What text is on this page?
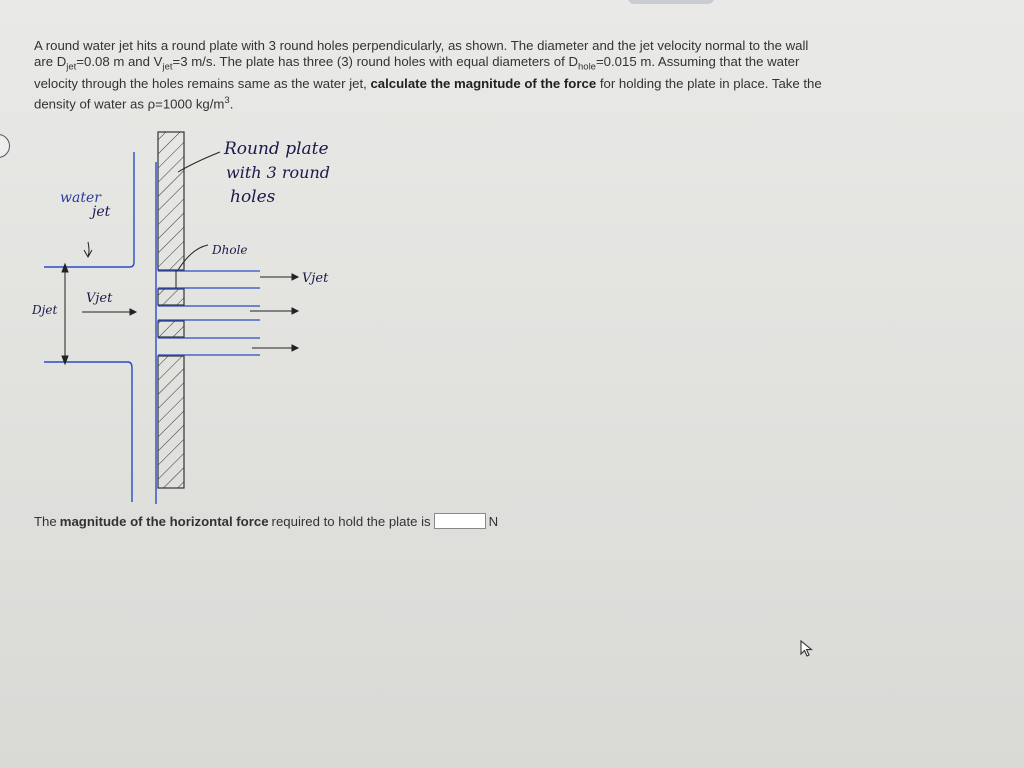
A round water jet hits a round plate with 3 round holes perpendicularly, as shown. The diameter and the jet velocity normal to the wall
are $D_{jet}=0.08$ m and $V_{jet}=3$ m/s. The plate has three (3) round holes with equal diameters of $D_{hole}=0.015$ m. Assuming that the water
velocity through the holes remains same as the water jet, calculate the magnitude of the force for holding the plate in place. Take the
density of water as ρ=1000 $kg/m^3$.
Round plate
with 3 round
holes
water
jet
Dhole
Vjet
Vjet
Djet
The magnitude of the horizontal force required to hold the plate is	N
